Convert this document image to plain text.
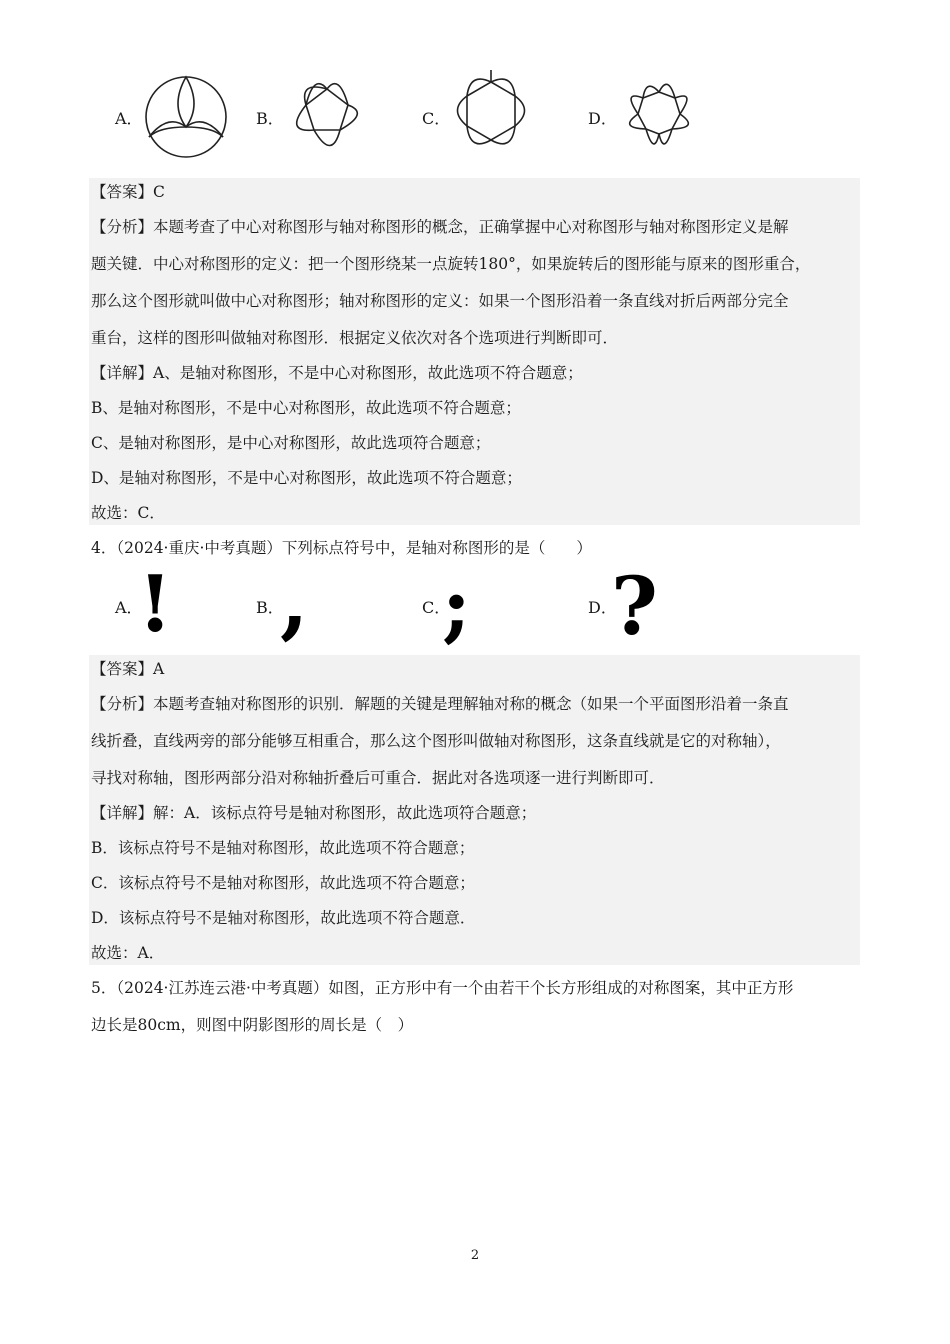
A．	B．	C．	D．
【答案】C
【分析】本题考查了中心对称图形与轴对称图形的概念，正确掌握中心对称图形与轴对称图形定义是解
题关键．中心对称图形的定义：把一个图形绕某一点旋转180°，如果旋转后的图形能与原来的图形重合，
那么这个图形就叫做中心对称图形；轴对称图形的定义：如果一个图形沿着一条直线对折后两部分完全
重台，这样的图形叫做轴对称图形．根据定义依次对各个选项进行判断即可．
【详解】A、是轴对称图形，不是中心对称图形，故此选项不符合题意；
B、是轴对称图形，不是中心对称图形，故此选项不符合题意；
C、是轴对称图形，是中心对称图形，故此选项符合题意；
D、是轴对称图形，不是中心对称图形，故此选项不符合题意；
故选：C．
4．（2024·重庆·中考真题）下列标点符号中，是轴对称图形的是（　　）
A．
!	B．
,	C．
;	D．
?
【答案】A
【分析】本题考查轴对称图形的识别．解题的关键是理解轴对称的概念（如果一个平面图形沿着一条直
线折叠，直线两旁的部分能够互相重合，那么这个图形叫做轴对称图形，这条直线就是它的对称轴），
寻找对称轴，图形两部分沿对称轴折叠后可重合．据此对各选项逐一进行判断即可．
【详解】解：A．该标点符号是轴对称图形，故此选项符合题意；
B．该标点符号不是轴对称图形，故此选项不符合题意；
C．该标点符号不是轴对称图形，故此选项不符合题意；
D．该标点符号不是轴对称图形，故此选项不符合题意．
故选：A．
5．（2024·江苏连云港·中考真题）如图，正方形中有一个由若干个长方形组成的对称图案，其中正方形
边长是80cm，则图中阴影图形的周长是（　）
2
